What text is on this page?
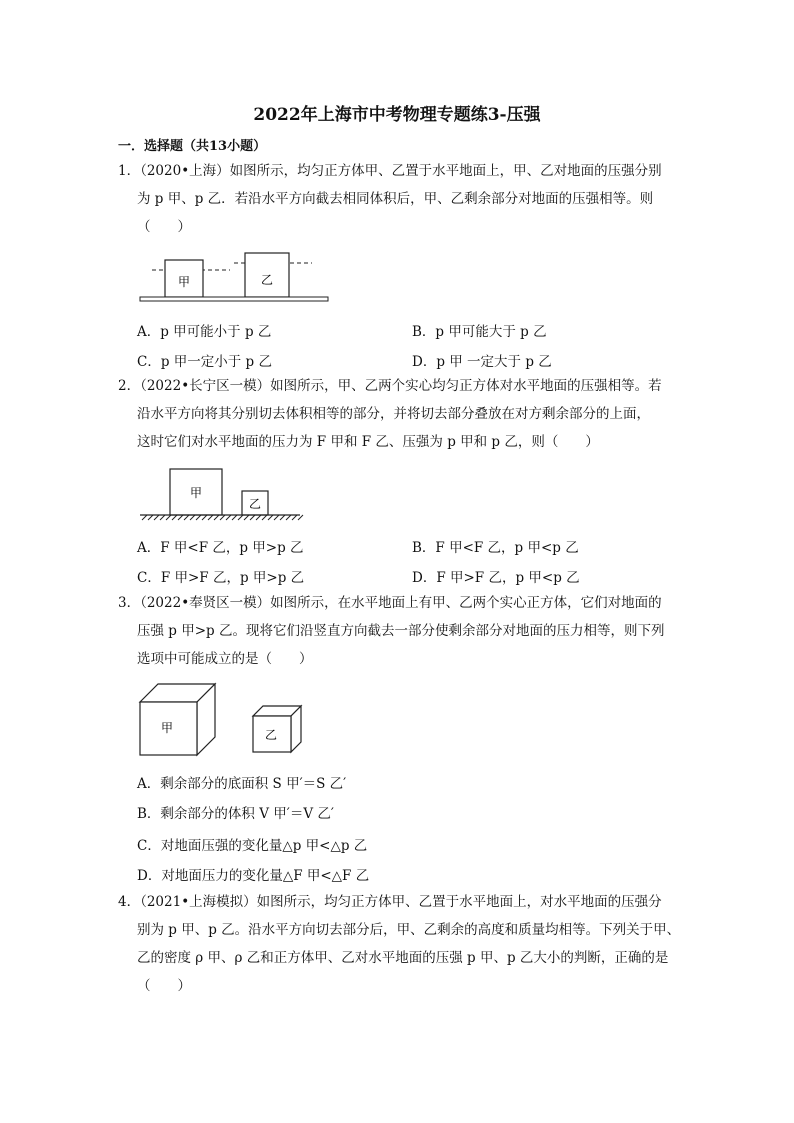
2022年上海市中考物理专题练3-压强
一．选择题（共13小题）
1．（2020•上海）如图所示，均匀正方体甲、乙置于水平地面上，甲、乙对地面的压强分别
为 p 甲、p 乙．若沿水平方向截去相同体积后，甲、乙剩余部分对地面的压强相等。则
（　　）
甲	乙
A．p 甲可能小于 p 乙	B．p 甲可能大于 p 乙
C．p 甲一定小于 p 乙	D．p 甲 一定大于 p 乙
2．（2022•长宁区一模）如图所示，甲、乙两个实心均匀正方体对水平地面的压强相等。若
沿水平方向将其分别切去体积相等的部分，并将切去部分叠放在对方剩余部分的上面，
这时它们对水平地面的压力为 F 甲和 F 乙、压强为 p 甲和 p 乙，则（　　）
甲
乙
A．F 甲<F 乙，p 甲>p 乙	B．F 甲<F 乙，p 甲<p 乙
C．F 甲>F 乙，p 甲>p 乙	D．F 甲>F 乙，p 甲<p 乙
3．（2022•奉贤区一模）如图所示，在水平地面上有甲、乙两个实心正方体，它们对地面的
压强 p 甲>p 乙。现将它们沿竖直方向截去一部分使剩余部分对地面的压力相等，则下列
选项中可能成立的是（　　）
甲	乙
A．剩余部分的底面积 S 甲′＝S 乙′
B．剩余部分的体积 V 甲′＝V 乙′
C．对地面压强的变化量△p 甲<△p 乙
D．对地面压力的变化量△F 甲<△F 乙
4．（2021•上海模拟）如图所示，均匀正方体甲、乙置于水平地面上，对水平地面的压强分
别为 p 甲、p 乙。沿水平方向切去部分后，甲、乙剩余的高度和质量均相等。下列关于甲、
乙的密度 ρ 甲、ρ 乙和正方体甲、乙对水平地面的压强 p 甲、p 乙大小的判断，正确的是
（　　）
